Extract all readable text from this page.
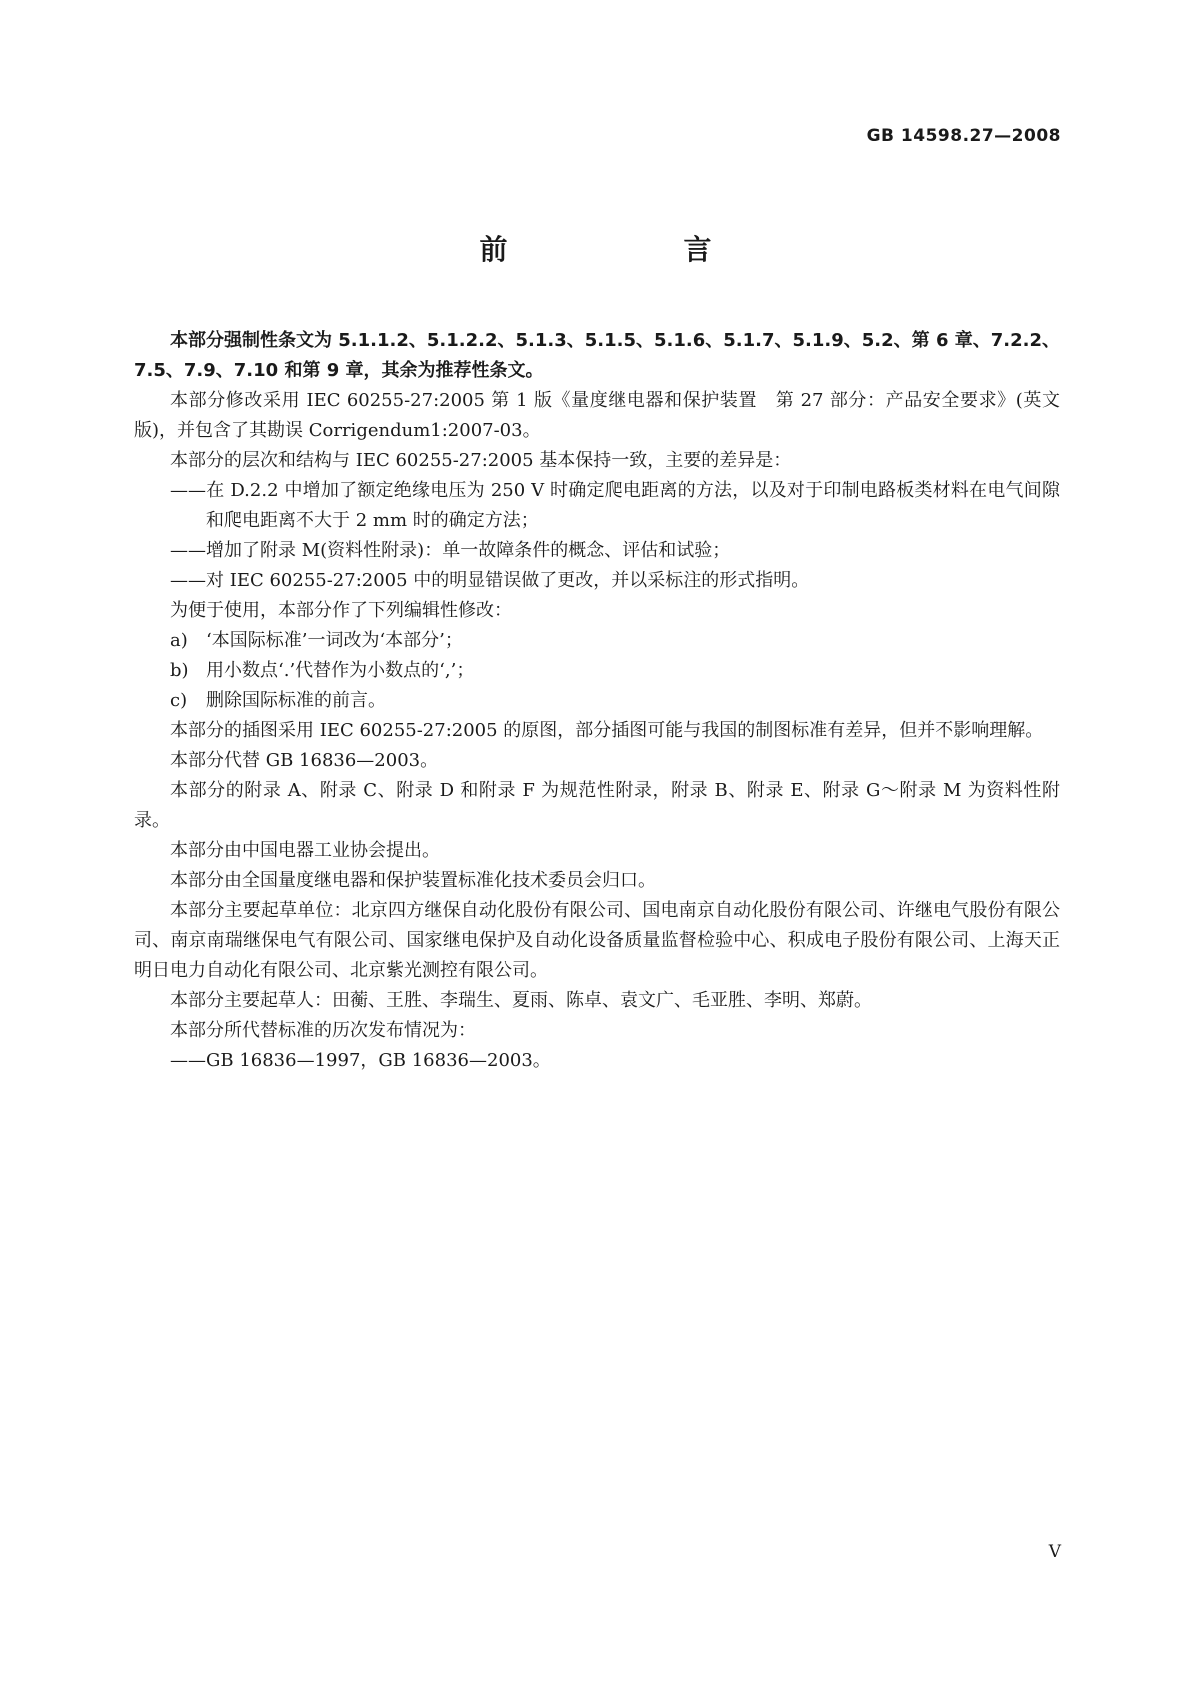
GB 14598.27—2008
前　　言

本部分强制性条文为 5.1.1.2、5.1.2.2、5.1.3、5.1.5、5.1.6、5.1.7、5.1.9、5.2、第 6 章、7.2.2、7.5、7.9、7.10 和第 9 章，其余为推荐性条文。

本部分修改采用 IEC 60255-27:2005 第 1 版《量度继电器和保护装置　第 27 部分：产品安全要求》(英文版)，并包含了其勘误 Corrigendum1:2007-03。

本部分的层次和结构与 IEC 60255-27:2005 基本保持一致，主要的差异是：

——在 D.2.2 中增加了额定绝缘电压为 250 V 时确定爬电距离的方法，以及对于印制电路板类材料在电气间隙和爬电距离不大于 2 mm 时的确定方法；

——增加了附录 M(资料性附录)：单一故障条件的概念、评估和试验；

——对 IEC 60255-27:2005 中的明显错误做了更改，并以采标注的形式指明。

为便于使用，本部分作了下列编辑性修改：

a)	‘本国际标准’一词改为‘本部分’；

b) 用小数点‘.’代替作为小数点的‘,’；

c)	删除国际标准的前言。

本部分的插图采用 IEC 60255-27:2005 的原图，部分插图可能与我国的制图标准有差异，但并不影响理解。

本部分代替 GB 16836—2003。

本部分的附录 A、附录 C、附录 D 和附录 F 为规范性附录，附录 B、附录 E、附录 G～附录 M 为资料性附录。

本部分由中国电器工业协会提出。

本部分由全国量度继电器和保护装置标准化技术委员会归口。

本部分主要起草单位：北京四方继保自动化股份有限公司、国电南京自动化股份有限公司、许继电气股份有限公司、南京南瑞继保电气有限公司、国家继电保护及自动化设备质量监督检验中心、积成电子股份有限公司、上海天正明日电力自动化有限公司、北京紫光测控有限公司。

本部分主要起草人：田蘅、王胜、李瑞生、夏雨、陈卓、袁文广、毛亚胜、李明、郑蔚。

本部分所代替标准的历次发布情况为：

——GB 16836—1997，GB 16836—2003。

V
